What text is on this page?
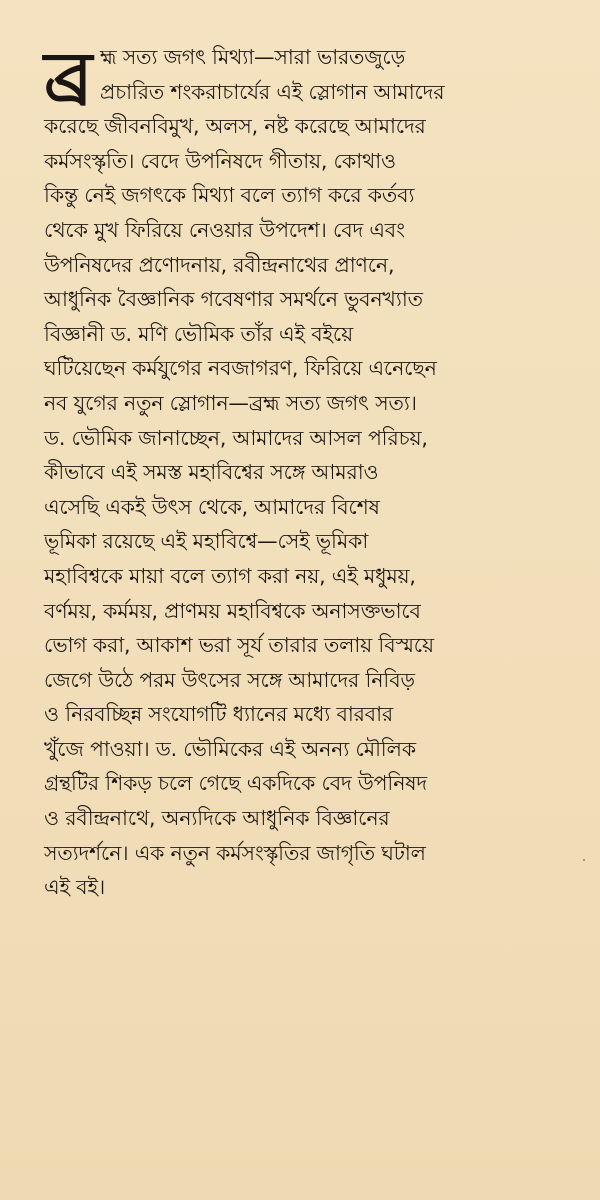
ব্র হ্ম সত্য জগৎ মিথ্যা—সারা ভারতজুড়ে
প্রচারিত শংকরাচার্যের এই স্লোগান আমাদের
করেছে জীবনবিমুখ, অলস, নষ্ট করেছে আমাদের
কর্মসংস্কৃতি। বেদে উপনিষদে গীতায়, কোথাও
কিন্তু নেই জগৎকে মিথ্যা বলে ত্যাগ করে কর্তব্য
থেকে মুখ ফিরিয়ে নেওয়ার উপদেশ। বেদ এবং
উপনিষদের প্রণোদনায়, রবীন্দ্রনাথের প্রাণনে,
আধুনিক বৈজ্ঞানিক গবেষণার সমর্থনে ভুবনখ্যাত
বিজ্ঞানী ড. মণি ভৌমিক তাঁর এই বইয়ে
ঘটিয়েছেন কর্মযুগের নবজাগরণ, ফিরিয়ে এনেছেন
নব যুগের নতুন স্লোগান—ব্রহ্ম সত্য জগৎ সত্য।
ড. ভৌমিক জানাচ্ছেন, আমাদের আসল পরিচয়,
কীভাবে এই সমস্ত মহাবিশ্বের সঙ্গে আমরাও
এসেছি একই উৎস থেকে, আমাদের বিশেষ
ভূমিকা রয়েছে এই মহাবিশ্বে—সেই ভূমিকা
মহাবিশ্বকে মায়া বলে ত্যাগ করা নয়, এই মধুময়,
বর্ণময়, কর্মময়, প্রাণময় মহাবিশ্বকে অনাসক্তভাবে
ভোগ করা, আকাশ ভরা সূর্য তারার তলায় বিস্ময়ে
জেগে উঠে পরম উৎসের সঙ্গে আমাদের নিবিড়
ও নিরবচ্ছিন্ন সংযোগটি ধ্যানের মধ্যে বারবার
খুঁজে পাওয়া। ড. ভৌমিকের এই অনন্য মৌলিক
গ্রন্থটির শিকড় চলে গেছে একদিকে বেদ উপনিষদ
ও রবীন্দ্রনাথে, অন্যদিকে আধুনিক বিজ্ঞানের
সত্যদর্শনে। এক নতুন কর্মসংস্কৃতির জাগৃতি ঘটাল
এই বই।
